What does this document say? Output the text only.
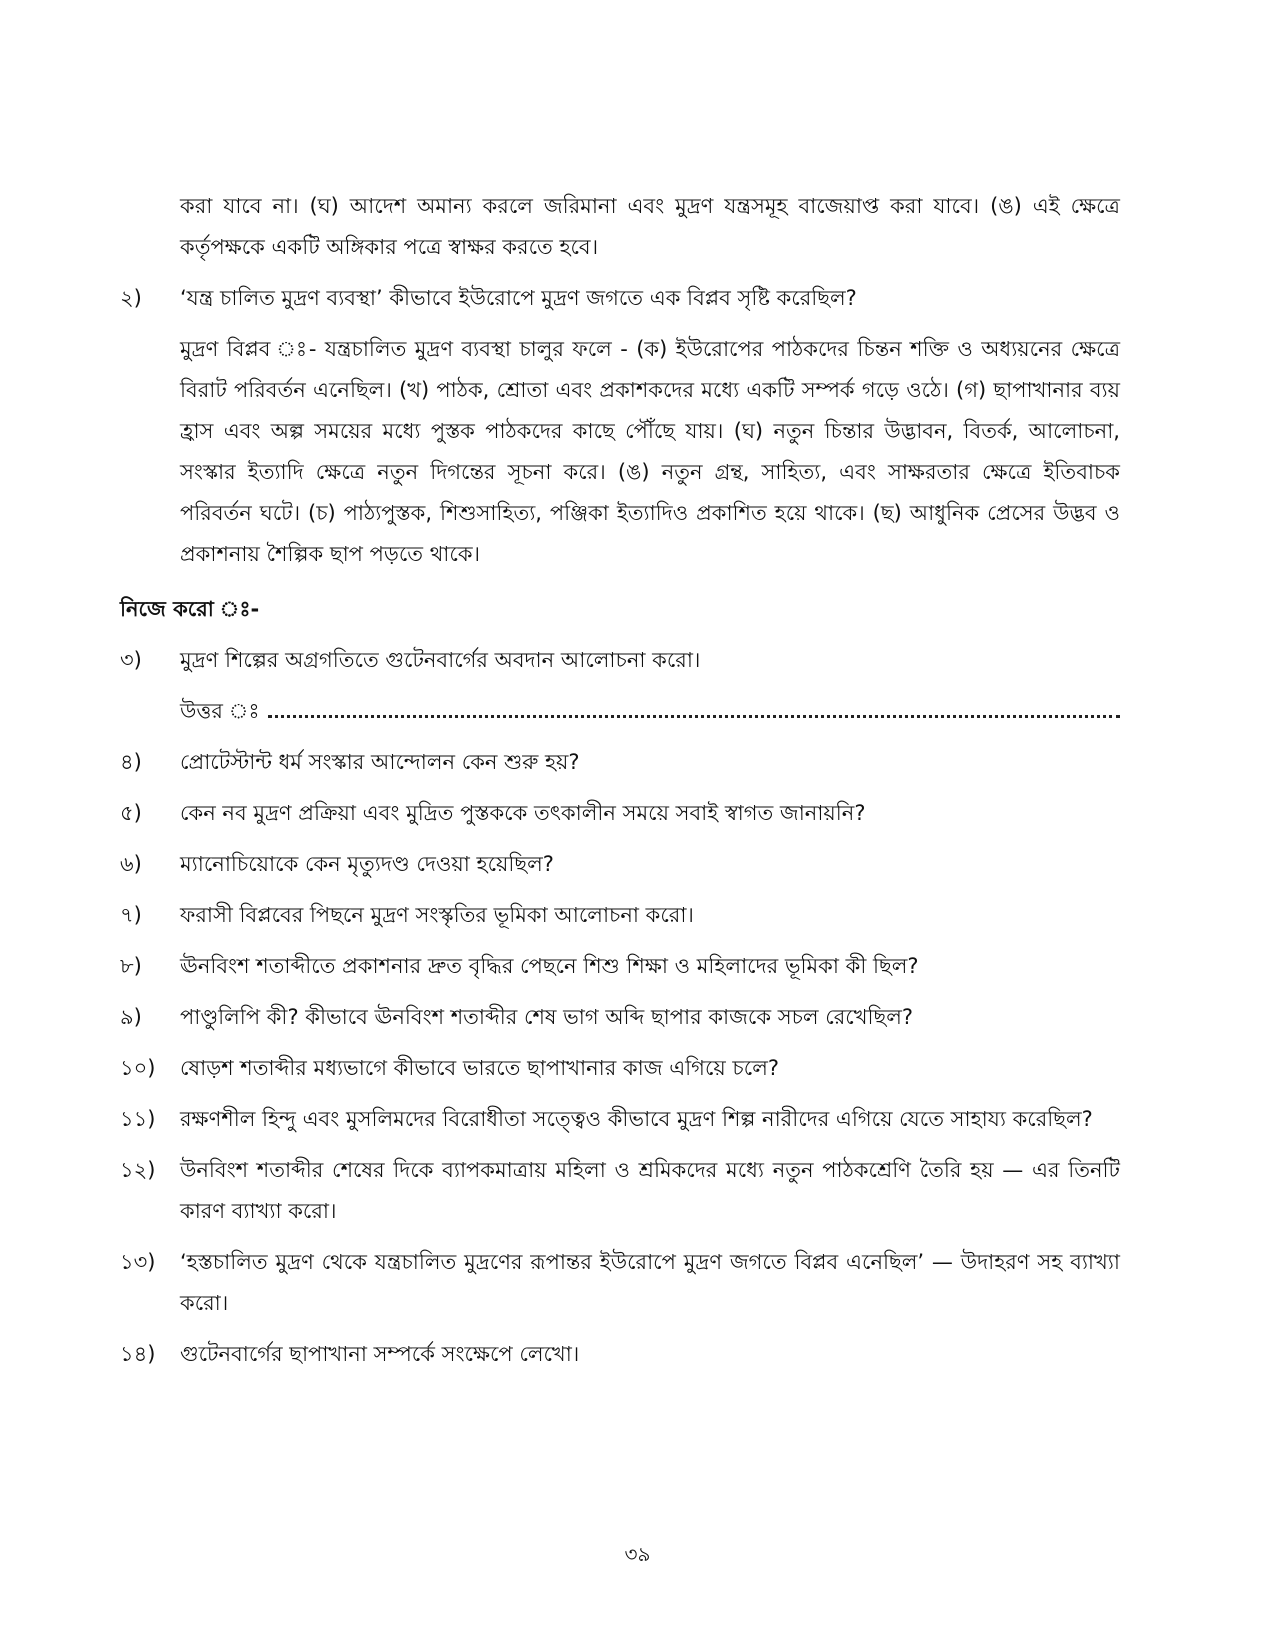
করা যাবে না। (ঘ) আদেশ অমান্য করলে জরিমানা এবং মুদ্রণ যন্ত্রসমূহ বাজেয়াপ্ত করা যাবে। (ঙ) এই ক্ষেত্রে কর্তৃপক্ষকে একটি অঙ্গিকার পত্রে স্বাক্ষর করতে হবে।

২)	‘যন্ত্র চালিত মুদ্রণ ব্যবস্থা’ কীভাবে ইউরোপে মুদ্রণ জগতে এক বিপ্লব সৃষ্টি করেছিল?

মুদ্রণ বিপ্লব ঃ- যন্ত্রচালিত মুদ্রণ ব্যবস্থা চালুর ফলে - (ক) ইউরোপের পাঠকদের চিন্তন শক্তি ও অধ্যয়নের ক্ষেত্রে বিরাট পরিবর্তন এনেছিল। (খ) পাঠক, শ্রোতা এবং প্রকাশকদের মধ্যে একটি সম্পর্ক গড়ে ওঠে। (গ) ছাপাখানার ব্যয় হ্রাস এবং অল্প সময়ের মধ্যে পুস্তক পাঠকদের কাছে পৌঁছে যায়। (ঘ) নতুন চিন্তার উদ্ভাবন, বিতর্ক, আলোচনা, সংস্কার ইত্যাদি ক্ষেত্রে নতুন দিগন্তের সূচনা করে। (ঙ) নতুন গ্রন্থ, সাহিত্য, এবং সাক্ষরতার ক্ষেত্রে ইতিবাচক পরিবর্তন ঘটে। (চ) পাঠ্যপুস্তক, শিশুসাহিত্য, পঞ্জিকা ইত্যাদিও প্রকাশিত হয়ে থাকে। (ছ) আধুনিক প্রেসের উদ্ভব ও প্রকাশনায় শৈল্পিক ছাপ পড়তে থাকে।

নিজে করো ঃ-

৩)	মুদ্রণ শিল্পের অগ্রগতিতে গুটেনবার্গের অবদান আলোচনা করো।
উত্তর ঃ
৪)	প্রোটেস্টান্ট ধর্ম সংস্কার আন্দোলন কেন শুরু হয়?
৫)	কেন নব মুদ্রণ প্রক্রিয়া এবং মুদ্রিত পুস্তককে তৎকালীন সময়ে সবাই স্বাগত জানায়নি?
৬)	ম্যানোচিয়োকে কেন মৃত্যুদণ্ড দেওয়া হয়েছিল?
৭)	ফরাসী বিপ্লবের পিছনে মুদ্রণ সংস্কৃতির ভূমিকা আলোচনা করো।
৮)	ঊনবিংশ শতাব্দীতে প্রকাশনার দ্রুত বৃদ্ধির পেছনে শিশু শিক্ষা ও মহিলাদের ভূমিকা কী ছিল?
৯)	পাণ্ডুলিপি কী? কীভাবে ঊনবিংশ শতাব্দীর শেষ ভাগ অব্দি ছাপার কাজকে সচল রেখেছিল?
১০)	ষোড়শ শতাব্দীর মধ্যভাগে কীভাবে ভারতে ছাপাখানার কাজ এগিয়ে চলে?
১১)	রক্ষণশীল হিন্দু এবং মুসলিমদের বিরোধীতা সত্ত্বেও কীভাবে মুদ্রণ শিল্প নারীদের এগিয়ে যেতে সাহায্য করেছিল?
১২)	উনবিংশ শতাব্দীর শেষের দিকে ব্যাপকমাত্রায় মহিলা ও শ্রমিকদের মধ্যে নতুন পাঠকশ্রেণি তৈরি হয় — এর তিনটি কারণ ব্যাখ্যা করো।
১৩)	‘হস্তচালিত মুদ্রণ থেকে যন্ত্রচালিত মুদ্রণের রূপান্তর ইউরোপে মুদ্রণ জগতে বিপ্লব এনেছিল’ — উদাহরণ সহ ব্যাখ্যা করো।
১৪)	গুটেনবার্গের ছাপাখানা সম্পর্কে সংক্ষেপে লেখো।
৩৯
